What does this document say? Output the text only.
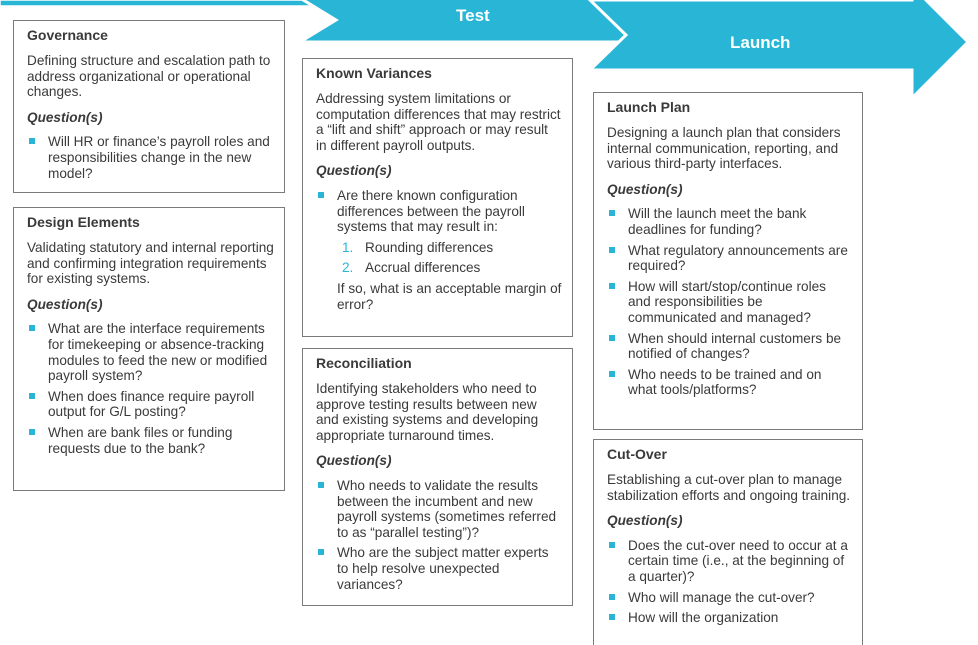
Test
Launch
Governance

Defining structure and escalation path to address organizational or operational changes.

Question(s)

Will HR or finance’s payroll roles and responsibilities change in the new model?
Design Elements

Validating statutory and internal reporting and confirming integration requirements for existing systems.

Question(s)

What are the interface requirements for timekeeping or absence-tracking modules to feed the new or modified payroll system?
When does finance require payroll output for G/L posting?
When are bank files or funding requests due to the bank?
Known Variances

Addressing system limitations or computation differences that may restrict a “lift and shift” approach or may result in different payroll outputs.

Question(s)

Are there known configuration differences between the payroll systems that may result in:
1. Rounding differences
2. Accrual differences

If so, what is an acceptable margin of error?

Reconciliation

Identifying stakeholders who need to approve testing results between new and existing systems and developing appropriate turnaround times.

Question(s)

Who needs to validate the results between the incumbent and new payroll systems (sometimes referred to as “parallel testing”)?
Who are the subject matter experts to help resolve unexpected variances?
Launch Plan

Designing a launch plan that considers internal communication, reporting, and various third-party interfaces.

Question(s)

Will the launch meet the bank deadlines for funding?
What regulatory announcements are required?
How will start/stop/continue roles and responsibilities be communicated and managed?
When should internal customers be notified of changes?
Who needs to be trained and on what tools/platforms?
Cut-Over

Establishing a cut-over plan to manage stabilization efforts and ongoing training.

Question(s)

Does the cut-over need to occur at a certain time (i.e., at the beginning of a quarter)?
Who will manage the cut-over?
How will the organization
